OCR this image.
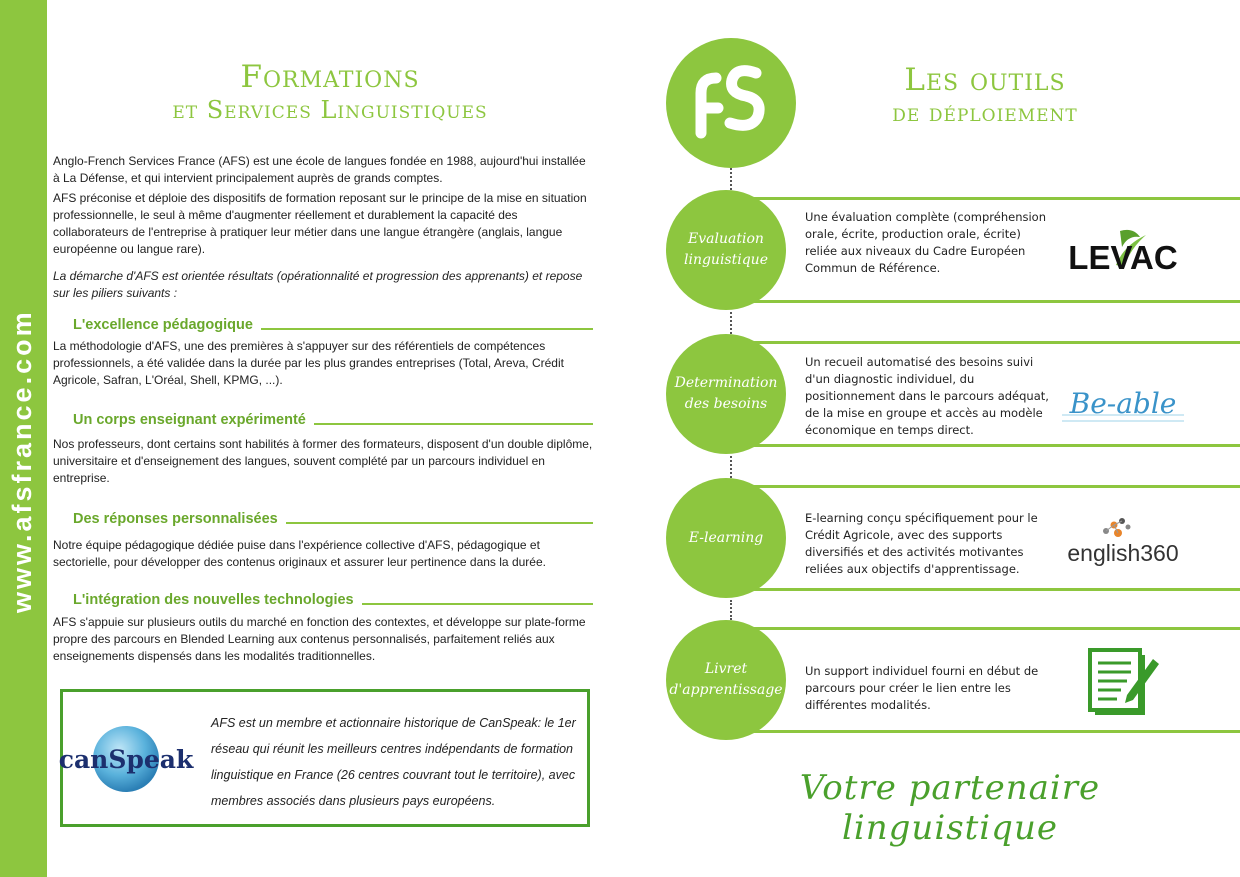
www.afsfrance.com
Formations
et Services Linguistiques
Anglo-French Services France (AFS) est une école de langues fondée en 1988, aujourd'hui installée à La Défense, et qui intervient principalement auprès de grands comptes.
AFS préconise et déploie des dispositifs de formation reposant sur le principe de la mise en situation professionnelle, le seul à même d'augmenter réellement et durablement la capacité des collaborateurs de l'entreprise à pratiquer leur métier dans une langue étrangère (anglais, langue européenne ou langue rare).
La démarche d'AFS est orientée résultats (opérationnalité et progression des apprenants) et repose sur les piliers suivants :
L'excellence pédagogique
La méthodologie d'AFS, une des premières à s'appuyer sur des référentiels de compétences professionnels, a été validée dans la durée par les plus grandes entreprises (Total, Areva, Crédit Agricole, Safran, L'Oréal, Shell, KPMG, ...).
Un corps enseignant expérimenté
Nos professeurs, dont certains sont habilités à former des formateurs, disposent d'un double diplôme, universitaire et d'enseignement des langues, souvent complété par un parcours individuel en entreprise.
Des réponses personnalisées
Notre équipe pédagogique dédiée puise dans l'expérience collective d'AFS, pédagogique et sectorielle, pour développer des contenus originaux et assurer leur pertinence dans la durée.
L'intégration des nouvelles technologies
AFS s'appuie sur plusieurs outils du marché en fonction des contextes, et développe sur plate-forme propre des parcours en Blended Learning aux contenus personnalisés, parfaitement reliés aux enseignements dispensés dans les modalités traditionnelles.
canSpeak
AFS est un membre et actionnaire historique de CanSpeak: le 1er réseau qui réunit les meilleurs centres indépendants de formation linguistique en France (26 centres couvrant tout le territoire), avec membres associés dans plusieurs pays européens.
AFS
Les outils
de déploiement
Evaluation
linguistique
Une évaluation complète (compréhension orale, écrite, production orale, écrite) reliée aux niveaux du Cadre Européen Commun de Référence.	LEVAC
Determination
des besoins
Un recueil automatisé des besoins suivi d'un diagnostic individuel, du positionnement dans le parcours adéquat, de la mise en groupe et accès au modèle économique en temps direct.
Be-able
E-learning
E-learning conçu spécifiquement pour le Crédit Agricole, avec des supports diversifiés et des activités motivantes reliées aux objectifs d'apprentissage.
english360
Livret
d'apprentissage
Un support individuel fourni en début de parcours pour créer le lien entre les différentes modalités.
Votre partenaire linguistique
